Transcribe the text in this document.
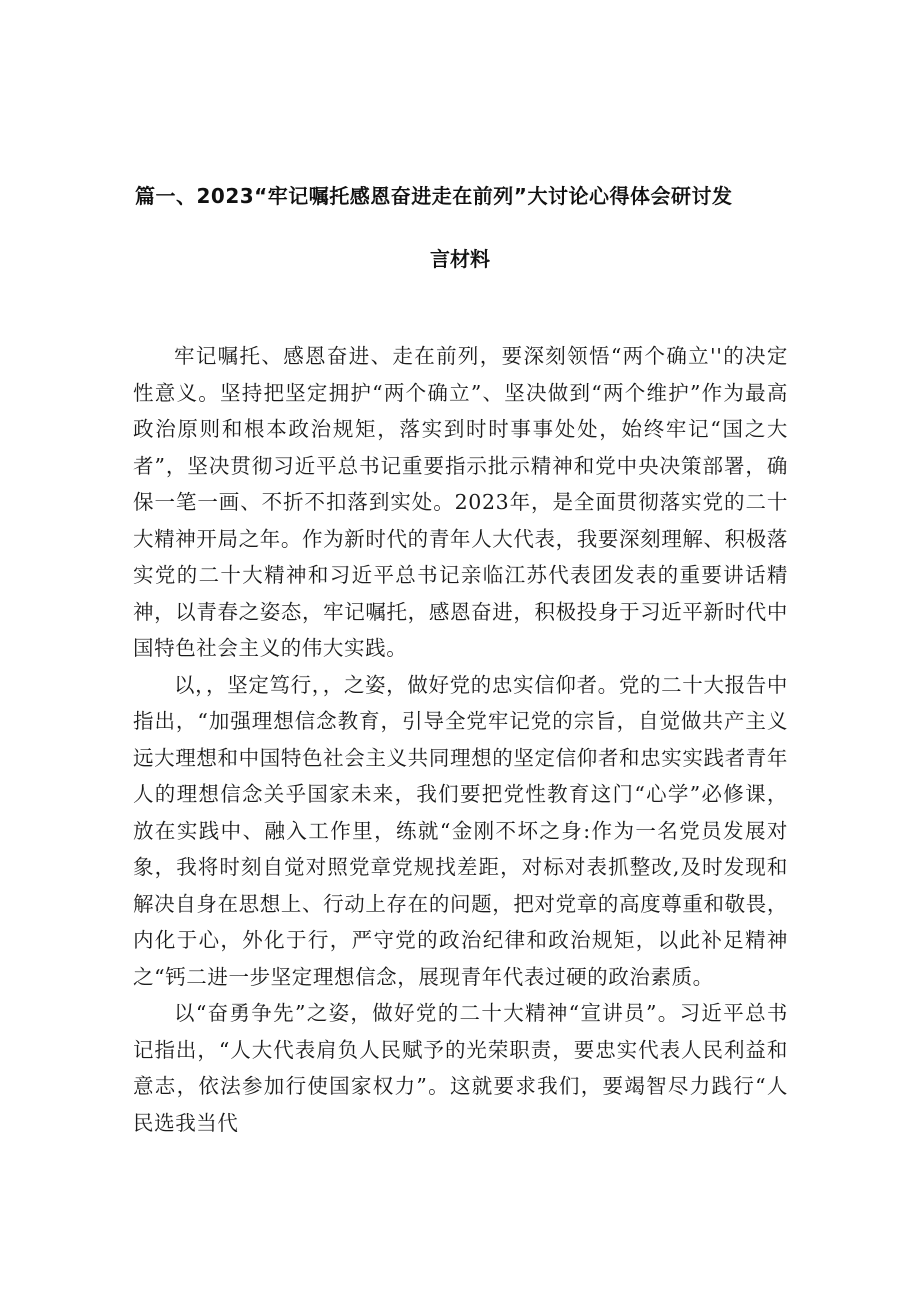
篇一、2023“牢记嘱托感恩奋进走在前列”大讨论心得体会研讨发
言材料

牢记嘱托、感恩奋进、走在前列，要深刻领悟“两个确立''的决定性意义。坚持把坚定拥护“两个确立”、坚决做到“两个维护”作为最高政治原则和根本政治规矩，落实到时时事事处处，始终牢记“国之大者”，坚决贯彻习近平总书记重要指示批示精神和党中央决策部署，确保一笔一画、不折不扣落到实处。2023年，是全面贯彻落实党的二十大精神开局之年。作为新时代的青年人大代表，我要深刻理解、积极落实党的二十大精神和习近平总书记亲临江苏代表团发表的重要讲话精神，以青春之姿态，牢记嘱托，感恩奋进，积极投身于习近平新时代中国特色社会主义的伟大实践。

以，，坚定笃行，，之姿，做好党的忠实信仰者。党的二十大报告中指出，“加强理想信念教育，引导全党牢记党的宗旨，自觉做共产主义远大理想和中国特色社会主义共同理想的坚定信仰者和忠实实践者青年人的理想信念关乎国家未来，我们要把党性教育这门“心学”必修课，放在实践中、融入工作里，练就“金刚不坏之身:作为一名党员发展对象，我将时刻自觉对照党章党规找差距，对标对表抓整改,及时发现和解决自身在思想上、行动上存在的问题，把对党章的高度尊重和敬畏，内化于心，外化于行，严守党的政治纪律和政治规矩，以此补足精神之“钙二进一步坚定理想信念，展现青年代表过硬的政治素质。

以“奋勇争先”之姿，做好党的二十大精神“宣讲员”。习近平总书记指出，“人大代表肩负人民赋予的光荣职责，要忠实代表人民利益和意志，依法参加行使国家权力”。这就要求我们，要竭智尽力践行“人民选我当代
